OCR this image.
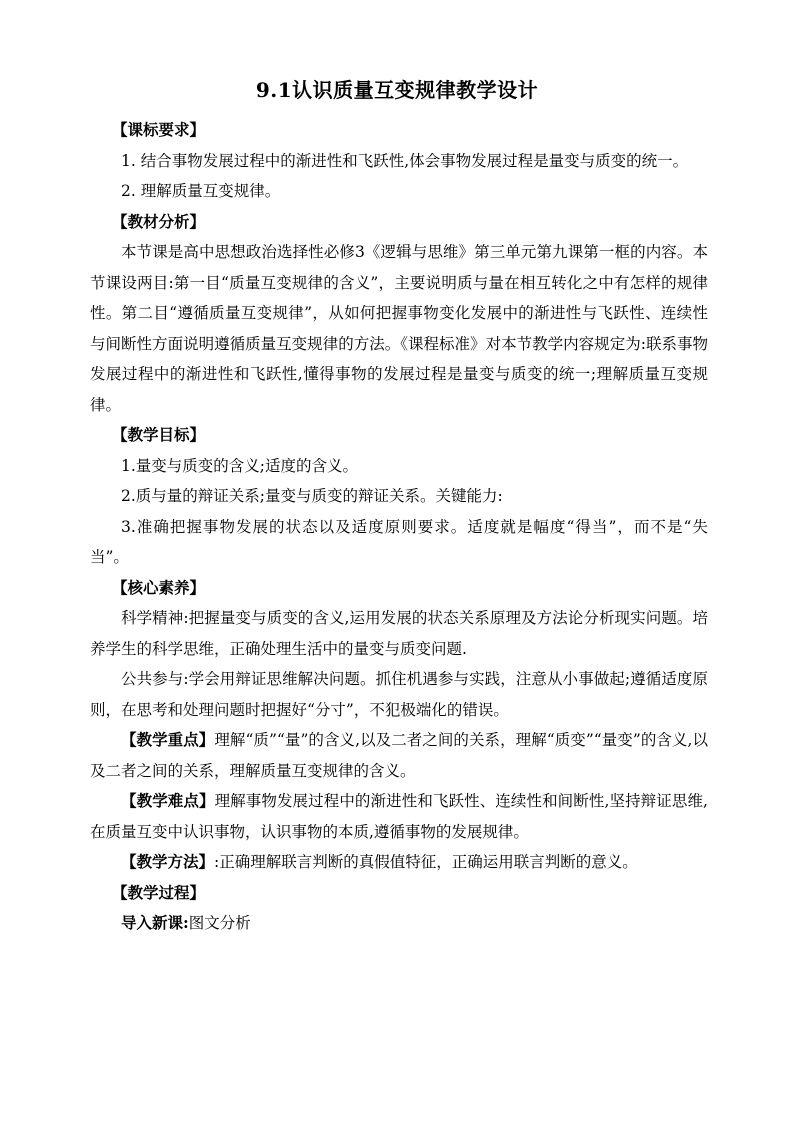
9.1认识质量互变规律教学设计

【课标要求】

1. 结合事物发展过程中的渐进性和飞跃性,体会事物发展过程是量变与质变的统一。

2. 理解质量互变规律。

【教材分析】

本节课是高中思想政治选择性必修3《逻辑与思维》第三单元第九课第一框的内容。本节课设两目:第一目“质量互变规律的含义”，主要说明质与量在相互转化之中有怎样的规律性。第二目“遵循质量互变规律”，从如何把握事物变化发展中的渐进性与飞跃性、连续性与间断性方面说明遵循质量互变规律的方法。《课程标准》对本节教学内容规定为:联系事物发展过程中的渐进性和飞跃性,懂得事物的发展过程是量变与质变的统一;理解质量互变规律。

【教学目标】

1.量变与质变的含义;适度的含义。

2.质与量的辩证关系;量变与质变的辩证关系。关键能力:

3.准确把握事物发展的状态以及适度原则要求。适度就是幅度“得当”，而不是“失当”。

【核心素养】

科学精神:把握量变与质变的含义,运用发展的状态关系原理及方法论分析现实问题。培养学生的科学思维，正确处理生活中的量变与质变问题.

公共参与:学会用辩证思维解决问题。抓住机遇参与实践，注意从小事做起;遵循适度原则，在思考和处理问题时把握好“分寸”，不犯极端化的错误。

【教学重点】理解“质”“量”的含义,以及二者之间的关系，理解“质变”“量变”的含义,以及二者之间的关系，理解质量互变规律的含义。

【教学难点】理解事物发展过程中的渐进性和飞跃性、连续性和间断性,坚持辩证思维,在质量互变中认识事物，认识事物的本质,遵循事物的发展规律。

【教学方法】:正确理解联言判断的真假值特征，正确运用联言判断的意义。

【教学过程】

导入新课:图文分析
